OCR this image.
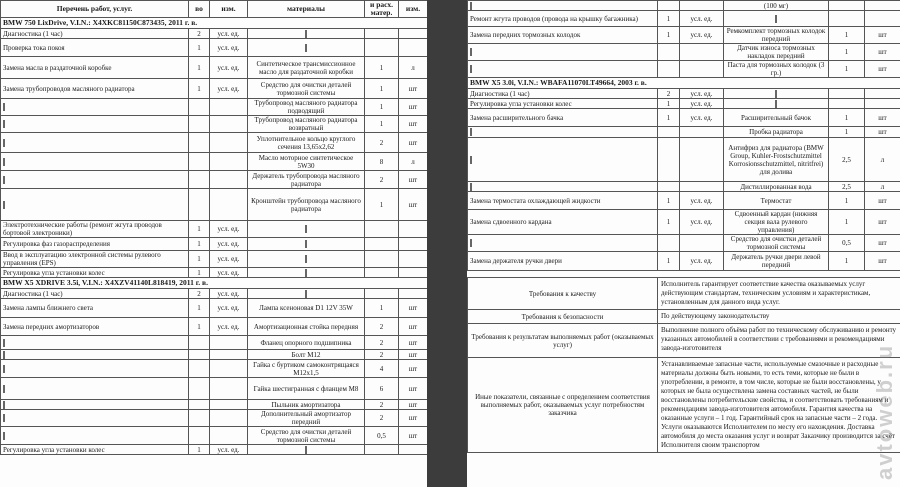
Перечень работ, услуг.	во	изм.	материалы	и расх. матер.	изм.
BMW 750 LixDrive, V.I.N.: X4XKC81150C873435, 2011 г. в.					
Диагностика (1 час)	2	усл. ед.			
Проверка тока покоя	1	усл. ед.			
Замена масла в раздаточной коробке	1	усл. ед.	Синтетическое трансмиссионное масло для раздаточной коробки	1	л
Замена трубопроводов масляного радиатора	1	усл. ед.	Средство для очистки деталей тормозной системы	1	шт
			Трубопровод масляного радиатора подводящий	1	шт
			Трубопровод масляного радиатора возвратный	1	шт
			Уплотнительное кольцо круглого сечения 13,65x2,62	2	шт
			Масло моторное синтетическое 5W30	8	л
			Держатель трубопровода масляного радиатора	2	шт
			Кронштейн трубопровода масляного радиатора	1	шт
Электротехнические работы (ремонт жгута проводов бортовой электроники)	1	усл. ед.			
Регулировка фаз газораспределения	1	усл. ед.			
Ввод в эксплуатацию электронной системы рулевого управления (EPS)	1	усл. ед.			
Регулировка угла установки колес	1	усл. ед.			
BMW X5 XDRIVE 3.5i, V.I.N.: X4XZV41140L818419, 2011 г. в.					
Диагностика (1 час)	2	усл. ед.			
Замена лампы ближнего света	1	усл. ед.	Лампа ксеноновая D1 12V 35W	1	шт
Замена передних амортизаторов	1	усл. ед.	Амортизационная стойка передняя	2	шт
			Фланец опорного подшипника	2	шт
			Болт M12	2	шт
			Гайка с буртиком самоконтрящаяся M12x1,5	4	шт
			Гайка шестигранная с фланцем M8	6	шт
			Пыльник амортизатора	2	шт
			Дополнительный амортизатор передний	2	шт
			Средство для очистки деталей тормозной системы	0,5	шт
Регулировка угла установки колес	1	усл. ед.			
			(100 мг)		
Ремонт жгута проводов (провода на крышку багажника)	1	усл. ед.			
Замена передних тормозных колодок	1	усл. ед.	Ремкомплект тормозных колодок передний	1	шт
			Датчик износа тормозных накладок передний	1	шт
			Паста для тормозных колодок (3 гр.)	1	шт
BMW X5 3.0i, V.I.N.: WBAFA11070LT49664, 2003 г. в.					
Диагностика (1 час)	2	усл. ед.			
Регулировка угла установки колес	1	усл. ед.			
Замена расширительного бачка	1	усл. ед.	Расширительный бачок	1	шт
			Пробка радиатора	1	шт
			Антифриз для радиатора (BMW Group, Kuhler-Frostschutzmittel Korrosionsschutzmittel, nitritfrei) для долива	2,5	л
			Дистиллированная вода	2,5	л
Замена термостата охлаждающей жидкости	1	усл. ед.	Термостат	1	шт
Замена сдвоенного кардана	1	усл. ед.	Сдвоенный кардан (нижняя секция вала рулевого управления)	1	шт
			Средство для очистки деталей тормозной системы	0,5	шт
Замена держателя ручки двери	1	усл. ед.	Держатель ручки двери левой передний	1	шт
Требования к качеству	Исполнитель гарантирует соответствие качества оказываемых услуг действующим стандартам, техническим условиям и характеристикам, установленным для данного вида услуг.
Требования к безопасности	По действующему законодательству
Требования к результатам выполняемых работ (оказываемых услуг)	Выполнение полного объёма работ по техническому обслуживанию и ремонту указанных автомобилей в соответствии с требованиями и рекомендациями завода-изготовителя
Иные показатели, связанные с определением соответствия выполняемых работ, оказываемых услуг потребностям заказчика	Устанавливаемые запасные части, используемые смазочные и расходные материалы должны быть новыми, то есть теми, которые не были в употреблении, в ремонте, в том числе, которые не были восстановлены, у которых не была осуществлена замена составных частей, не были восстановлены потребительские свойства, и соответствовать требованиям и рекомендациям завода-изготовителя автомобиля. Гарантия качества на оказанные услуги – 1 год. Гарантийный срок на запасные части – 2 года. Услуги оказываются Исполнителем по месту его нахождения. Доставка автомобиля до места оказания услуг и возврат Заказчику производится за счёт Исполнителя своим транспортом	avtoweb.ru
